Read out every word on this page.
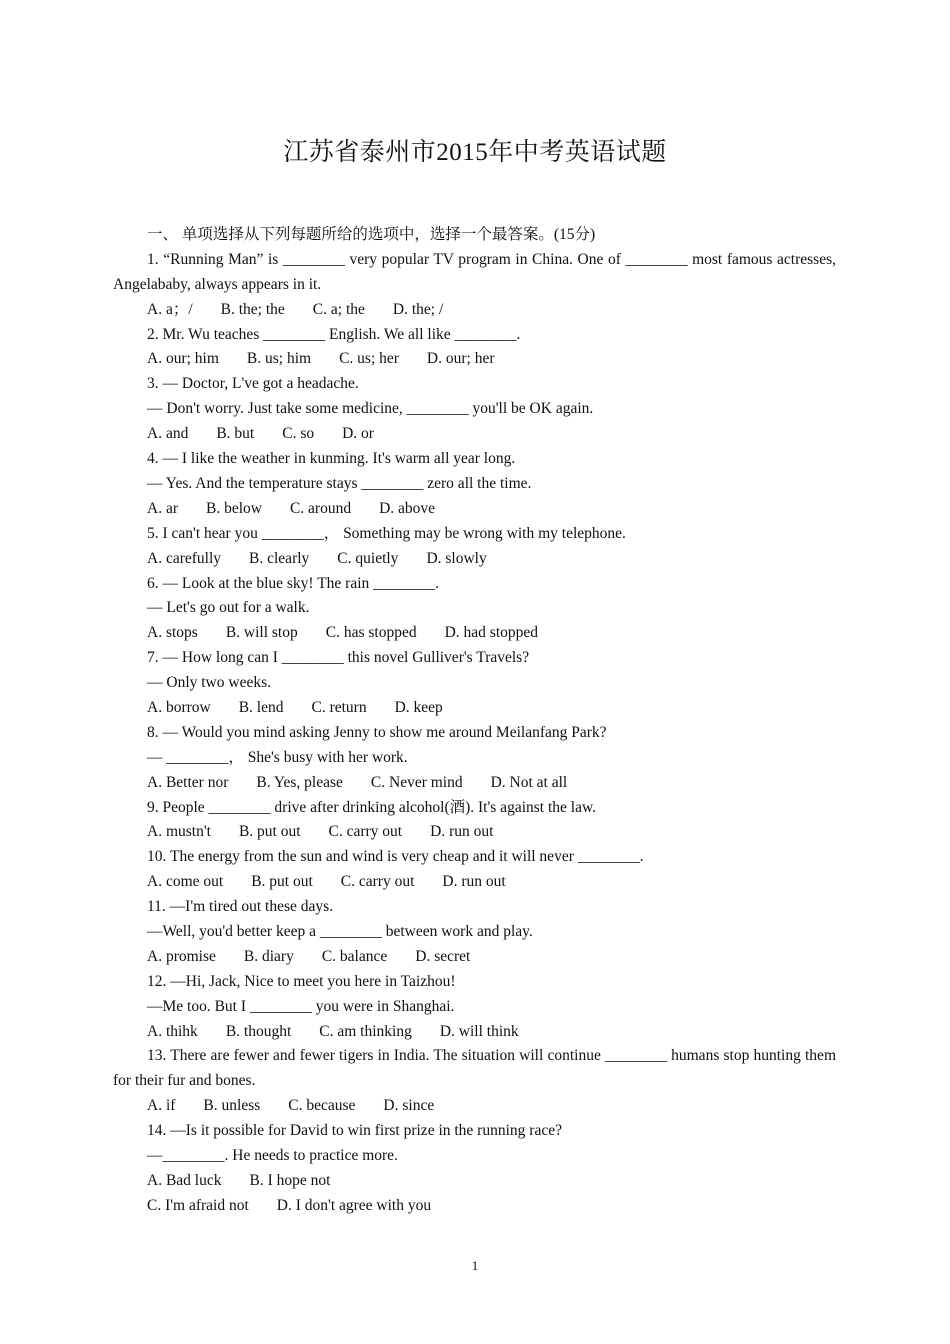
江苏省泰州市2015年中考英语试题
一、 单项选择从下列每题所给的选项中，选择一个最答案。(15分)
1. “Running Man” is ________ very popular TV program in China. One of ________ most famous actresses, Angelababy, always appears in it.
A. a；/ B. the; the C. a; the D. the; /
2. Mr. Wu teaches ________ English. We all like ________.
A. our; him B. us; him C. us; her D. our; her
3. — Doctor, L've got a headache.
— Don't worry. Just take some medicine, ________ you'll be OK again.
A. and B. but C. so D. or
4. — I like the weather in kunming. It's warm all year long.
— Yes. And the temperature stays ________ zero all the time.
A. ar B. below C. around D. above
5. I can't hear you ________， Something may be wrong with my telephone.
A. carefully B. clearly C. quietly D. slowly
6. — Look at the blue sky! The rain ________.
— Let's go out for a walk.
A. stops B. will stop C. has stopped D. had stopped
7. — How long can I ________ this novel Gulliver's Travels?
— Only two weeks.
A. borrow B. lend C. return D. keep
8. — Would you mind asking Jenny to show me around Meilanfang Park?
— ________， She's busy with her work.
A. Better nor B. Yes, please C. Never mind D. Not at all
9. People ________ drive after drinking alcohol(酒). It's against the law.
A. mustn't B. put out C. carry out D. run out
10. The energy from the sun and wind is very cheap and it will never ________.
A. come out B. put out C. carry out D. run out
11. —I'm tired out these days.
—Well, you'd better keep a ________ between work and play.
A. promise B. diary C. balance D. secret
12. —Hi, Jack, Nice to meet you here in Taizhou!
—Me too. But I ________ you were in Shanghai.
A. thihk B. thought C. am thinking D. will think
13. There are fewer and fewer tigers in India. The situation will continue ________ humans stop hunting them for their fur and bones.
A. if B. unless C. because D. since
14. —Is it possible for David to win first prize in the running race?
—________. He needs to practice more.
A. Bad luck B. I hope not
C. I'm afraid not D. I don't agree with you
1
